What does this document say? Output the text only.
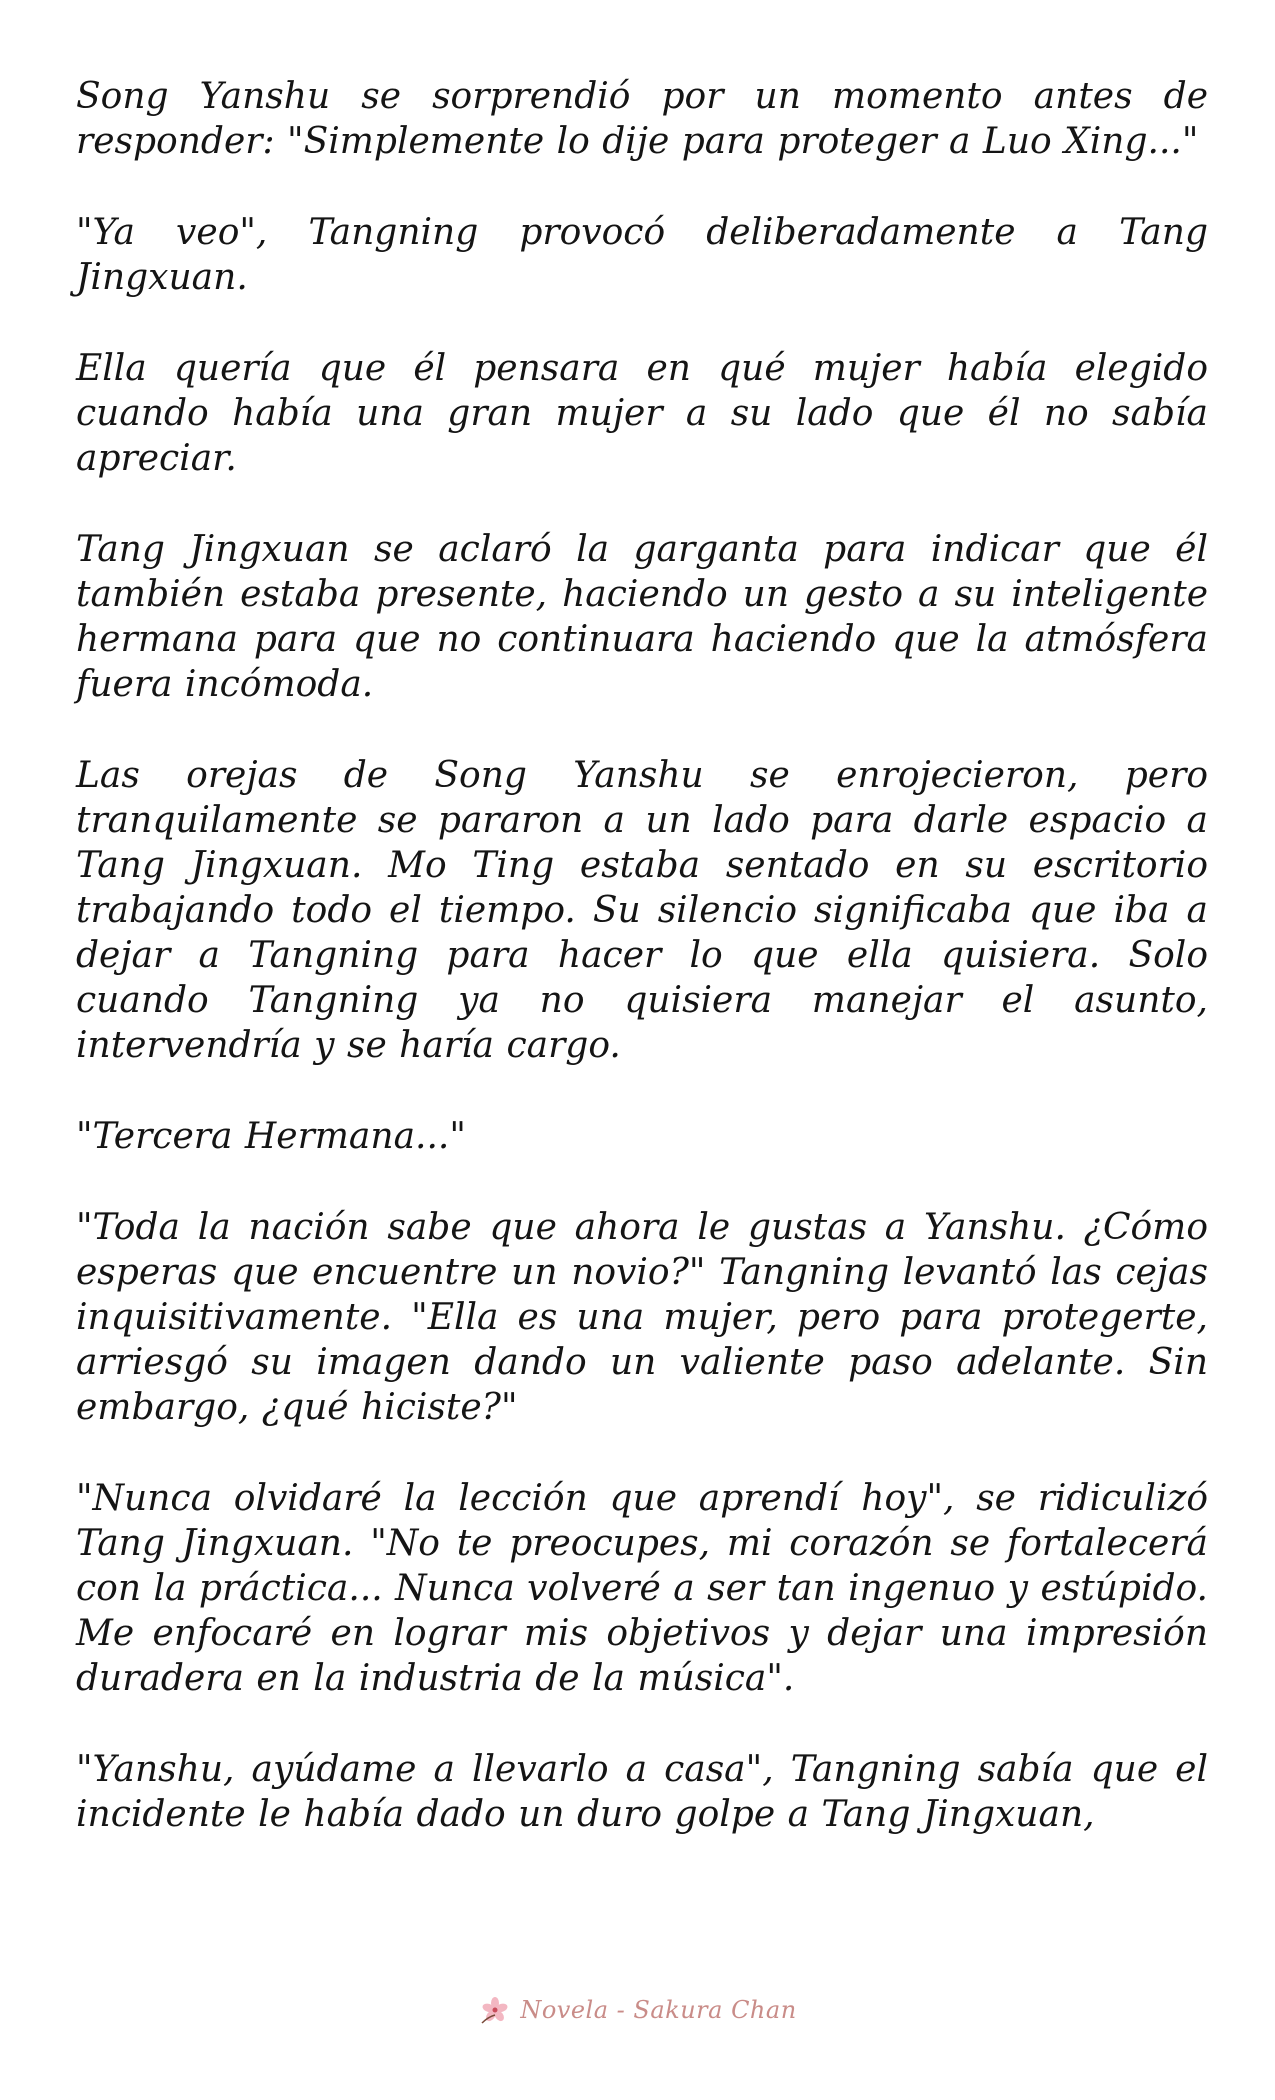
Song Yanshu se sorprendió por un momento antes de responder: "Simplemente lo dije para proteger a Luo Xing..."

"Ya veo", Tangning provocó deliberadamente a Tang Jingxuan.

Ella quería que él pensara en qué mujer había elegido cuando había una gran mujer a su lado que él no sabía apreciar.

Tang Jingxuan se aclaró la garganta para indicar que él también estaba presente, haciendo un gesto a su inteligente hermana para que no continuara haciendo que la atmósfera fuera incómoda.

Las orejas de Song Yanshu se enrojecieron, pero tranquilamente se pararon a un lado para darle espacio a Tang Jingxuan. Mo Ting estaba sentado en su escritorio trabajando todo el tiempo. Su silencio significaba que iba a dejar a Tangning para hacer lo que ella quisiera. Solo cuando Tangning ya no quisiera manejar el asunto, intervendría y se haría cargo.

"Tercera Hermana..."

"Toda la nación sabe que ahora le gustas a Yanshu. ¿Cómo esperas que encuentre un novio?" Tangning levantó las cejas inquisitivamente. "Ella es una mujer, pero para protegerte, arriesgó su imagen dando un valiente paso adelante. Sin embargo, ¿qué hiciste?"

"Nunca olvidaré la lección que aprendí hoy", se ridiculizó Tang Jingxuan. "No te preocupes, mi corazón se fortalecerá con la práctica... Nunca volveré a ser tan ingenuo y estúpido. Me enfocaré en lograr mis objetivos y dejar una impresión duradera en la industria de la música".

"Yanshu, ayúdame a llevarlo a casa", Tangning sabía que el incidente le había dado un duro golpe a Tang Jingxuan,

Novela - Sakura Chan
